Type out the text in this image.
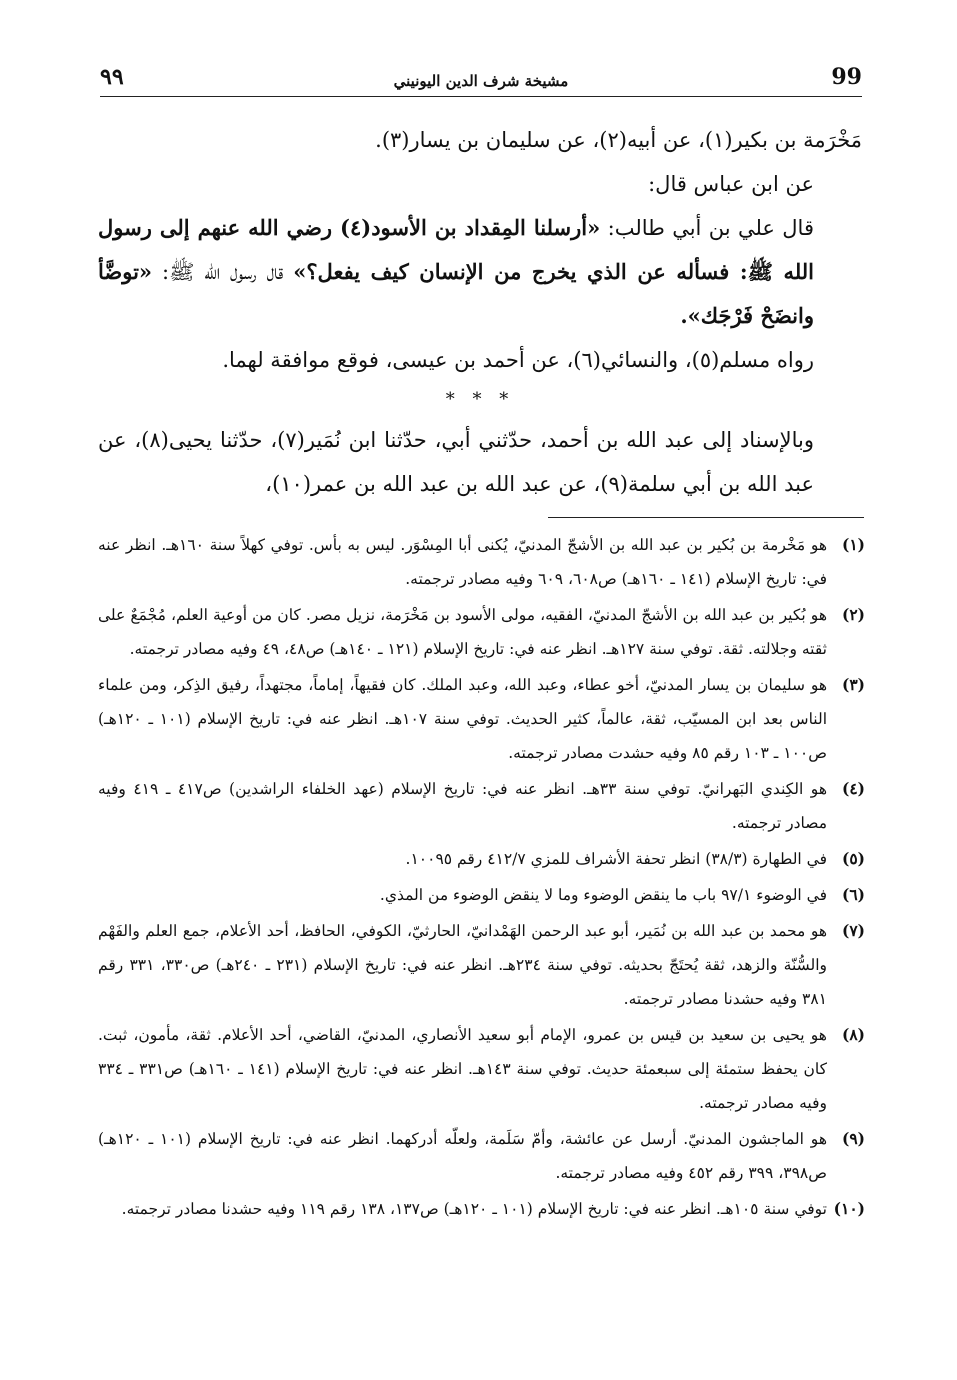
٩٩	مشيخة شرف الدين اليونيني	99

مَخْرَمة بن بكير(١)، عن أبيه(٢)، عن سليمان بن يسار(٣).

عن ابن عباس قال:

قال علي بن أبي طالب: «أرسلنا المِقداد بن الأسود(٤) رضي الله عنهم إلى رسول الله ﷺ: فسأله عن الذي يخرج من الإنسان كيف يفعل؟» قال رسول الله ﷺ: «توضَّأ وانضَحْ فَرْجَك».

رواه مسلم(٥)، والنسائي(٦)، عن أحمد بن عيسى، فوقع موافقة لهما.

* * *

وبالإسناد إلى عبد الله بن أحمد، حدّثني أبي، حدّثنا ابن نُمَير(٧)، حدّثنا يحيى(٨)، عن عبد الله بن أبي سلمة(٩)، عن عبد الله بن عبد الله بن عمر(١٠)،

(١)
هو مَخْرمة بن بُكير بن عبد الله بن الأشجّ المدنيّ، يُكنى أبا المِسْوَر. ليس به بأس. توفي كهلاً سنة ١٦٠هـ. انظر عنه في: تاريخ الإسلام (١٤١ ـ ١٦٠هـ) ص٦٠٨، ٦٠٩ وفيه مصادر ترجمته.

(٢)
هو بُكير بن عبد الله بن الأشجّ المدنيّ، الفقيه، مولى الأسود بن مَخْرَمة، نزيل مصر. كان من أوعية العلم، مُجْمَعٌ على ثقته وجلالته. ثقة. توفي سنة ١٢٧هـ. انظر عنه في: تاريخ الإسلام (١٢١ ـ ١٤٠هـ) ص٤٨، ٤٩ وفيه مصادر ترجمته.

(٣)
هو سليمان بن يسار المدنيّ، أخو عطاء، وعبد الله، وعبد الملك. كان فقيهاً، إماماً، مجتهداً، رفيق الذِكر، ومن علماء الناس بعد ابن المسيّب، ثقة، عالماً، كثير الحديث. توفي سنة ١٠٧هـ. انظر عنه في: تاريخ الإسلام (١٠١ ـ ١٢٠هـ) ص١٠٠ ـ ١٠٣ رقم ٨٥ وفيه حشدت مصادر ترجمته.

(٤)
هو الكِندي البَهرانيّ. توفي سنة ٣٣هـ. انظر عنه في: تاريخ الإسلام (عهد الخلفاء الراشدين) ص٤١٧ ـ ٤١٩ وفيه مصادر ترجمته.

(٥)
في الطهارة (٣٨/٣) انظر تحفة الأشراف للمزي ٤١٢/٧ رقم ١٠٠٩٥.

(٦)
في الوضوء ٩٧/١ باب ما ينقض الوضوء وما لا ينقض الوضوء من المذي.

(٧)
هو محمد بن عبد الله بن نُمَير، أبو عبد الرحمن الهَمْدانيّ، الحارثيّ، الكوفي، الحافظ، أحد الأعلام، جمع العلم والفَهْم والسُّنّة والزهد، ثقة يُحتَجّ بحديثه. توفي سنة ٢٣٤هـ. انظر عنه في: تاريخ الإسلام (٢٣١ ـ ٢٤٠هـ) ص٣٣٠، ٣٣١ رقم ٣٨١ وفيه حشدنا مصادر ترجمته.

(٨)
هو يحيى بن سعيد بن قيس بن عمرو، الإمام أبو سعيد الأنصاري، المدنيّ، القاضي، أحد الأعلام. ثقة، مأمون، ثبت. كان يحفظ ستمئة إلى سبعمئة حديث. توفي سنة ١٤٣هـ. انظر عنه في: تاريخ الإسلام (١٤١ ـ ١٦٠هـ) ص٣٣١ ـ ٣٣٤ وفيه مصادر ترجمته.

(٩)
هو الماجشون المدنيّ. أرسل عن عائشة، وأمّ سَلَمة، ولعلّه أدركهما. انظر عنه في: تاريخ الإسلام (١٠١ ـ ١٢٠هـ) ص٣٩٨، ٣٩٩ رقم ٤٥٢ وفيه مصادر ترجمته.

(١٠)
توفي سنة ١٠٥هـ. انظر عنه في: تاريخ الإسلام (١٠١ ـ ١٢٠هـ) ص١٣٧، ١٣٨ رقم ١١٩ وفيه حشدنا مصادر ترجمته.
